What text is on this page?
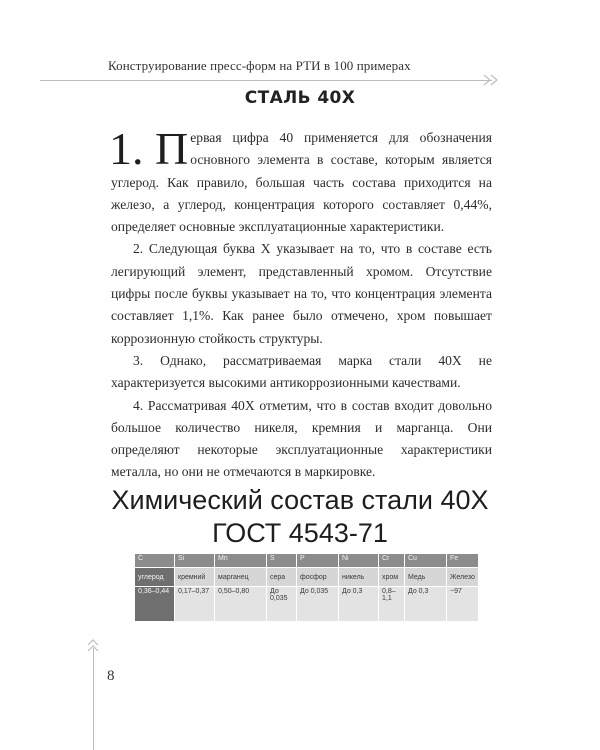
Конструирование пресс-форм на РТИ в 100 примерах
СТАЛЬ 40Х

1. П ервая цифра 40 применяется для обозначения основного элемента в составе, которым является углерод. Как правило, большая часть состава приходится на железо, а углерод, концентрация которого составляет 0,44%, определяет основные эксплуатационные характеристики.

2. Следующая буква Х указывает на то, что в составе есть легирующий элемент, представленный хромом. Отсутствие цифры после буквы указывает на то, что концентрация элемента составляет 1,1%. Как ранее было отмечено, хром повышает коррозионную стойкость структуры.

3. Однако, рассматриваемая марка стали 40Х не характеризуется высокими антикоррозионными качествами.

4. Рассматривая 40Х отметим, что в состав входит довольно большое количество никеля, кремния и марганца. Они определяют некоторые эксплуатационные характеристики металла, но они не отмечаются в маркировке.

Химический состав стали 40Х
ГОСТ 4543-71
C	Si	Mn	S	P	Ni	Cr	Cu	Fe
углерод	кремний	марганец	сера	фосфор	никель	хром	Медь	Железо
0,36–0,44	0,17–0,37	0,50–0,80	До 0,035	До 0,035	До 0,3	0,8–1,1	До 0,3	~97
8
